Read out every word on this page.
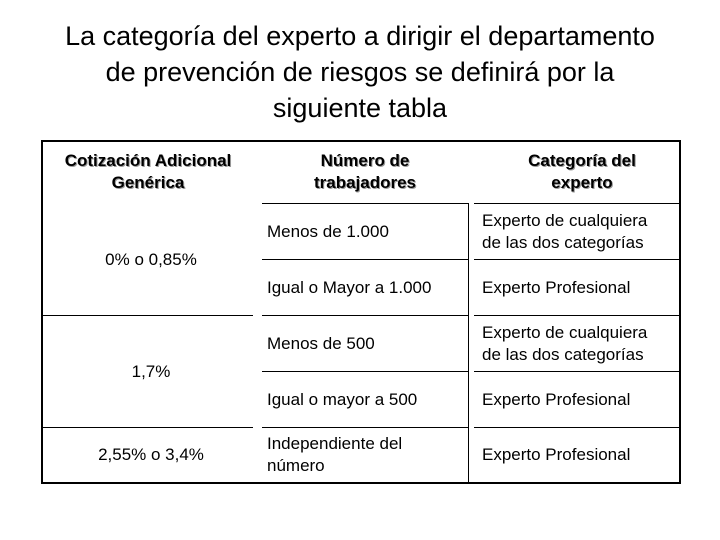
La categoría del experto a dirigir el departamento
de prevención de riesgos se definirá por la
siguiente tabla
Cotización Adicional
Genérica
Número de
trabajadores
Categoría del
experto
0% o 0,85%
1,7%
2,55% o 3,4%
Menos de 1.000
Igual o Mayor a 1.000
Menos de 500
Igual o mayor a 500
Independiente del
número
Experto de cualquiera
de las dos categorías
Experto Profesional
Experto de cualquiera
de las dos categorías
Experto Profesional
Experto Profesional
